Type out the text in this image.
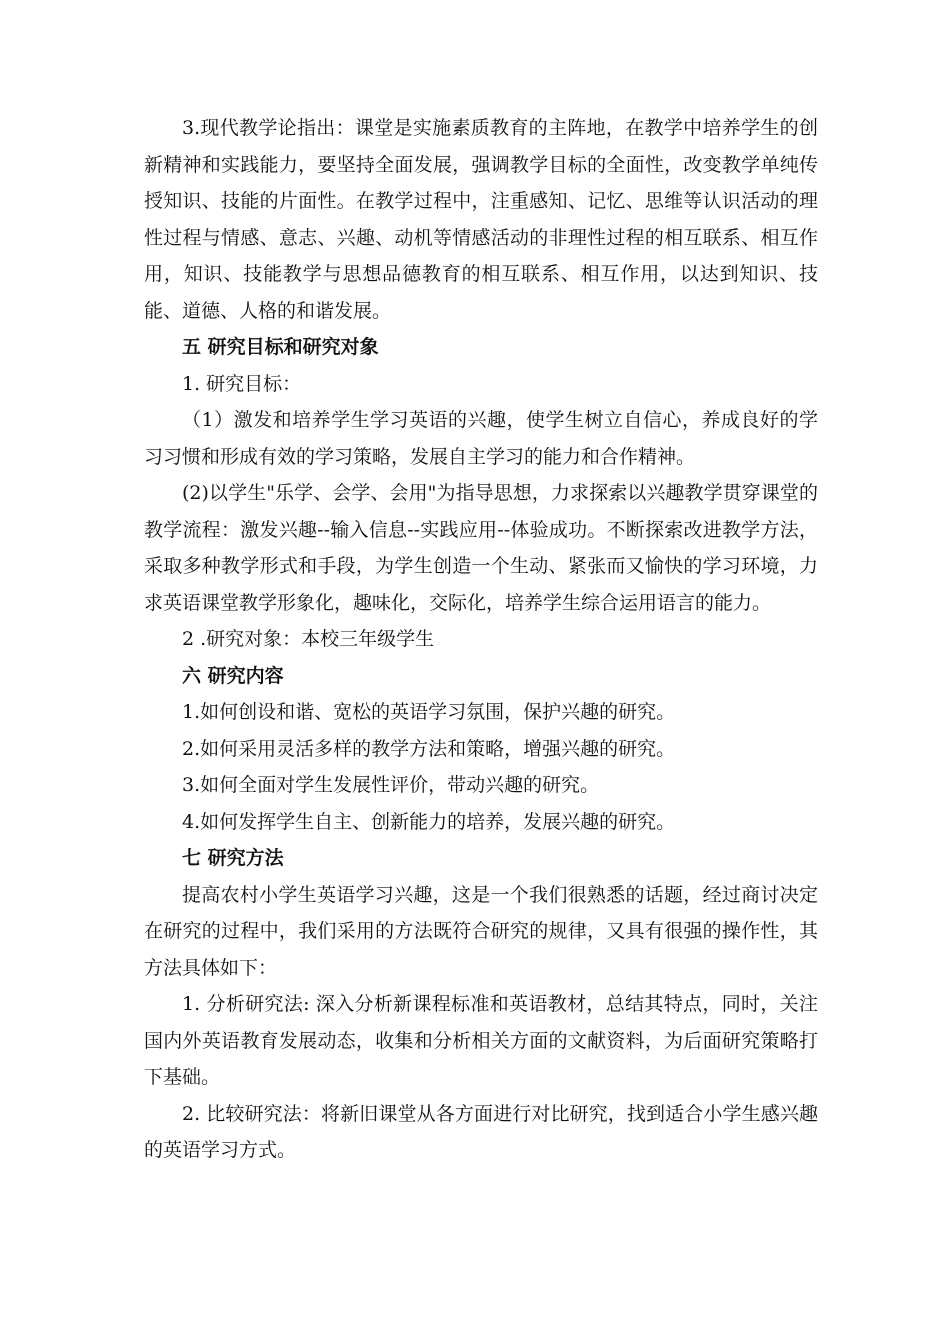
3.现代教学论指出：课堂是实施素质教育的主阵地，在教学中培养学生的创新精神和实践能力，要坚持全面发展，强调教学目标的全面性，改变教学单纯传授知识、技能的片面性。在教学过程中，注重感知、记忆、思维等认识活动的理性过程与情感、意志、兴趣、动机等情感活动的非理性过程的相互联系、相互作用，知识、技能教学与思想品德教育的相互联系、相互作用，以达到知识、技能、道德、人格的和谐发展。

五 研究目标和研究对象

1. 研究目标：

（1）激发和培养学生学习英语的兴趣，使学生树立自信心，养成良好的学习习惯和形成有效的学习策略，发展自主学习的能力和合作精神。

(2)以学生"乐学、会学、会用"为指导思想，力求探索以兴趣教学贯穿课堂的教学流程：激发兴趣--输入信息--实践应用--体验成功。不断探索改进教学方法，采取多种教学形式和手段，为学生创造一个生动、紧张而又愉快的学习环境，力求英语课堂教学形象化，趣味化，交际化，培养学生综合运用语言的能力。

2 .研究对象：本校三年级学生

六 研究内容

1.如何创设和谐、宽松的英语学习氛围，保护兴趣的研究。

2.如何采用灵活多样的教学方法和策略，增强兴趣的研究。

3.如何全面对学生发展性评价，带动兴趣的研究。

4.如何发挥学生自主、创新能力的培养，发展兴趣的研究。

七 研究方法

提高农村小学生英语学习兴趣，这是一个我们很熟悉的话题，经过商讨决定在研究的过程中，我们采用的方法既符合研究的规律，又具有很强的操作性，其方法具体如下：

1. 分析研究法: 深入分析新课程标准和英语教材，总结其特点，同时，关注国内外英语教育发展动态，收集和分析相关方面的文献资料，为后面研究策略打下基础。

2. 比较研究法：将新旧课堂从各方面进行对比研究，找到适合小学生感兴趣的英语学习方式。
